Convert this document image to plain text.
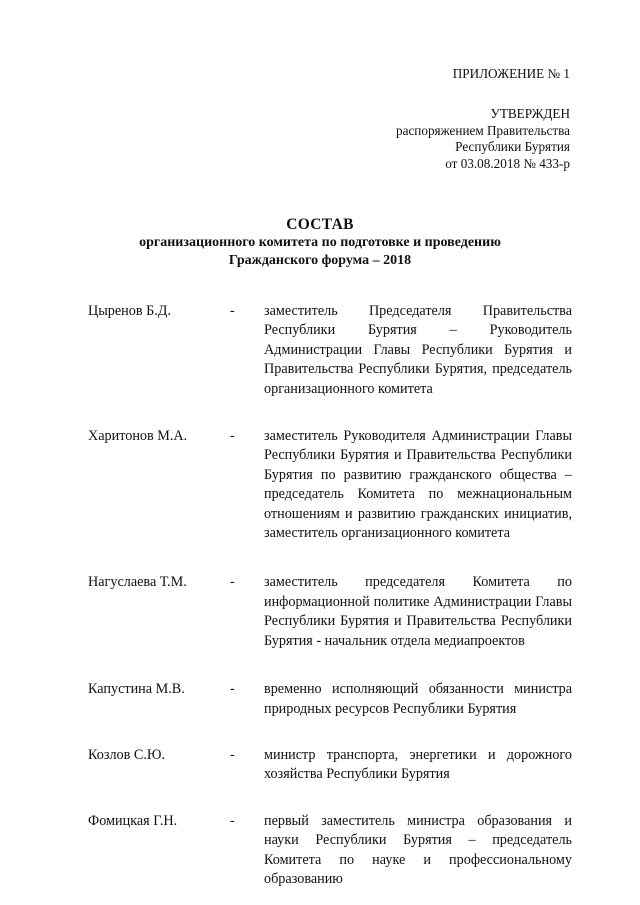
ПРИЛОЖЕНИЕ № 1
УТВЕРЖДЕН
распоряжением Правительства
Республики Бурятия
от 03.08.2018 № 433-р
СОСТАВ
организационного комитета по подготовке и проведению
Гражданского форума – 2018
Цыренов Б.Д.	-	заместитель Председателя Правительства Республики Бурятия – Руководитель Администрации Главы Республики Бурятия и Правительства Республики Бурятия, председатель организационного комитета
Харитонов М.А.	-	заместитель Руководителя Администрации Главы Республики Бурятия и Правительства Республики Бурятия по развитию гражданского общества – председатель Комитета по межнациональным отношениям и развитию гражданских инициатив, заместитель организационного комитета
Нагуслаева Т.М.	-	заместитель председателя Комитета по информационной политике Администрации Главы Республики Бурятия и Правительства Республики Бурятия - начальник отдела медиапроектов
Капустина М.В.	-	временно исполняющий обязанности министра природных ресурсов Республики Бурятия
Козлов С.Ю.	-	министр транспорта, энергетики и дорожного хозяйства Республики Бурятия
Фомицкая Г.Н.	-	первый заместитель министра образования и науки Республики Бурятия – председатель Комитета по науке и профессиональному образованию
